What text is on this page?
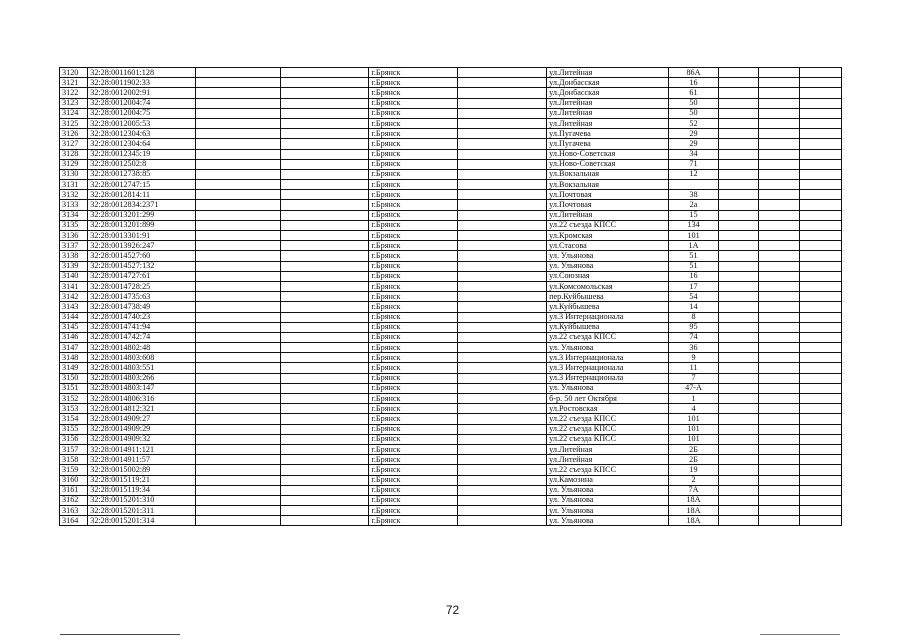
3120	32:28:0011601:128			г.Брянск		ул.Литейная	86А			
3121	32:28:0011902:33			г.Брянск		ул.Донбасская	16			
3122	32:28:0012002:91			г.Брянск		ул.Донбасская	61			
3123	32:28:0012004:74			г.Брянск		ул.Литейная	50			
3124	32:28:0012004:75			г.Брянск		ул.Литейная	50			
3125	32:28:0012005:53			г.Брянск		ул.Литейная	52			
3126	32:28:0012304:63			г.Брянск		ул.Пугачева	29			
3127	32:28:0012304:64			г.Брянск		ул.Пугачева	29			
3128	32:28:0012345:19			г.Брянск		ул.Ново-Советская	34			
3129	32:28:0012502:8			г.Брянск		ул.Ново-Советская	71			
3130	32:28:0012738:85			г.Брянск		ул.Вокзальная	12			
3131	32:28:0012747:15			г.Брянск		ул.Вокзальная				
3132	32:28:0012814:11			г.Брянск		ул.Почтовая	38			
3133	32:28:0012834:2371			г.Брянск		ул.Почтовая	2а			
3134	32:28:0013201:299			г.Брянск		ул.Литейная	15			
3135	32:28:0013201:899			г.Брянск		ул.22 съезда КПСС	134			
3136	32:28:0013301:91			г.Брянск		ул.Кромская	101			
3137	32:28:0013926:247			г.Брянск		ул.Стасова	1А			
3138	32:28:0014527:60			г.Брянск		ул. Ульянова	51			
3139	32:28:0014527:132			г.Брянск		ул. Ульянова	51			
3140	32:28:0014727:61			г.Брянск		ул.Союзная	16			
3141	32:28:0014728:25			г.Брянск		ул.Комсомольская	17			
3142	32:28:0014735:63			г.Брянск		пер.Куйбышева	54			
3143	32:28:0014738:49			г.Брянск		ул.Куйбышева	14			
3144	32:28:0014740:23			г.Брянск		ул.3 Интернационала	8			
3145	32:28:0014741:94			г.Брянск		ул.Куйбышева	95			
3146	32:28:0014742:74			г.Брянск		ул.22 съезда КПСС	74			
3147	32:28:0014802:48			г.Брянск		ул. Ульянова	36			
3148	32:28:0014803:608			г.Брянск		ул.3 Интернационала	9			
3149	32:28:0014803:551			г.Брянск		ул.3 Интернационала	11			
3150	32:28:0014803:266			г.Брянск		ул.3 Интернационала	7			
3151	32:28:0014803:147			г.Брянск		ул. Ульянова	47-А			
3152	32:28:0014806:316			г.Брянск		б-р. 50 лет Октября	1			
3153	32:28:0014812:321			г.Брянск		ул.Ростовская	4			
3154	32:28:0014909:27			г.Брянск		ул.22 съезда КПСС	101			
3155	32:28:0014909:29			г.Брянск		ул.22 съезда КПСС	101			
3156	32:28:0014909:32			г.Брянск		ул.22 съезда КПСС	101			
3157	32:28:0014911:121			г.Брянск		ул.Литейная	2Б			
3158	32:28:0014911:57			г.Брянск		ул.Литейная	2Б			
3159	32:28:0015002:89			г.Брянск		ул.22 съезда КПСС	19			
3160	32:28:0015119:21			г.Брянск		ул.Камозина	2			
3161	32:28:0015119:34			г.Брянск		ул. Ульянова	7А			
3162	32:28:0015201:310			г.Брянск		ул. Ульянова	18А			
3163	32:28:0015201:311			г.Брянск		ул. Ульянова	18А			
3164	32:28:0015201:314			г.Брянск		ул. Ульянова	18А			
72
